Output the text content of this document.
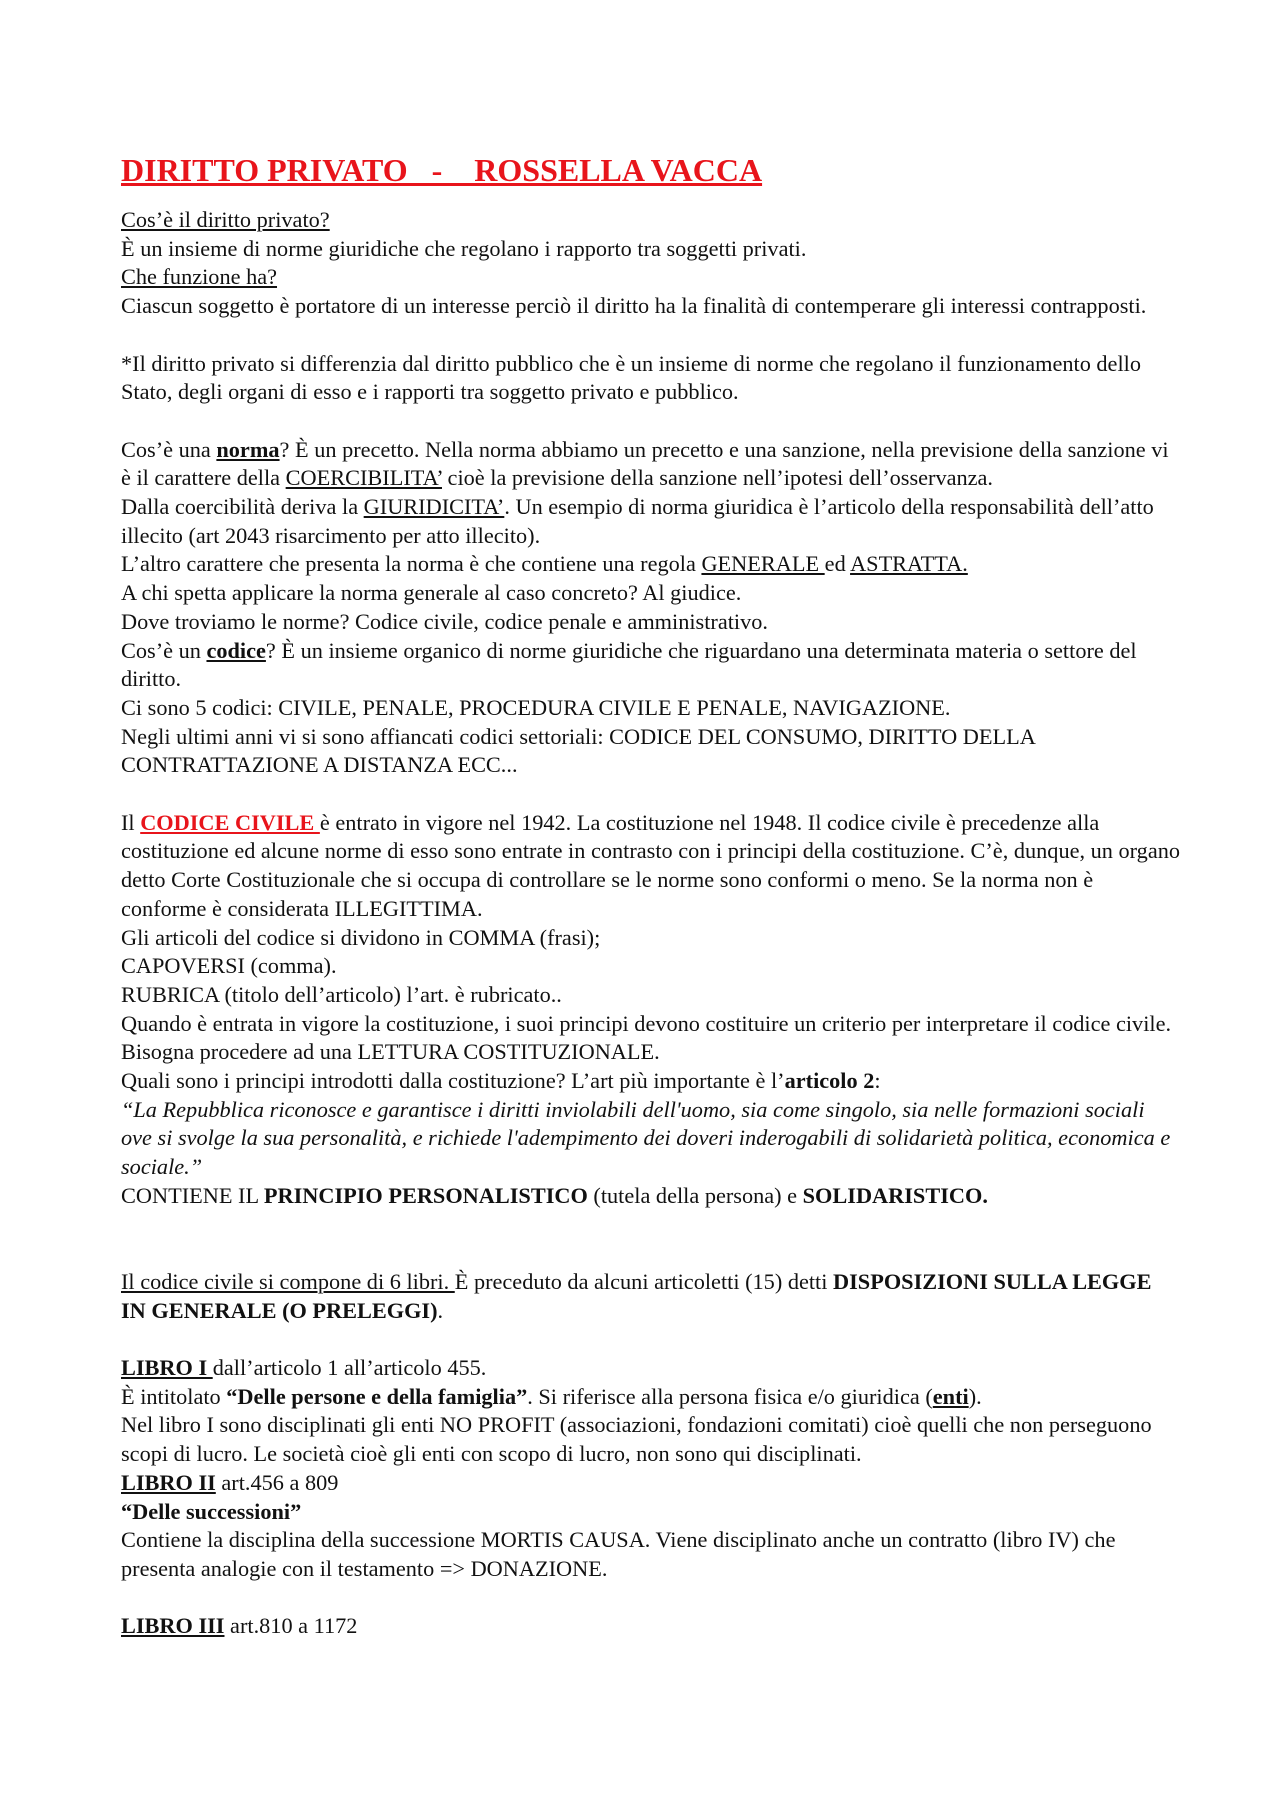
DIRITTO PRIVATO   -    ROSSELLA VACCA
Cos’è il diritto privato?
È un insieme di norme giuridiche che regolano i rapporto tra soggetti privati.
Che funzione ha?
Ciascun soggetto è portatore di un interesse perciò il diritto ha la finalità di contemperare gli interessi contrapposti.
*Il diritto privato si differenzia dal diritto pubblico che è un insieme di norme che regolano il funzionamento dello Stato, degli organi di esso e i rapporti tra soggetto privato e pubblico.
Cos’è una norma? È un precetto. Nella norma abbiamo un precetto e una sanzione, nella previsione della sanzione vi è il carattere della COERCIBILITA’ cioè la previsione della sanzione nell’ipotesi dell’osservanza.
Dalla coercibilità deriva la GIURIDICITA’. Un esempio di norma giuridica è l’articolo della responsabilità dell’atto illecito (art 2043 risarcimento per atto illecito).
L’altro carattere che presenta la norma è che contiene una regola GENERALE ed ASTRATTA.
A chi spetta applicare la norma generale al caso concreto? Al giudice.
Dove troviamo le norme? Codice civile, codice penale e amministrativo.
Cos’è un codice? È un insieme organico di norme giuridiche che riguardano una determinata materia o settore del diritto.
Ci sono 5 codici: CIVILE, PENALE, PROCEDURA CIVILE E PENALE, NAVIGAZIONE.
Negli ultimi anni vi si sono affiancati codici settoriali: CODICE DEL CONSUMO, DIRITTO DELLA CONTRATTAZIONE A DISTANZA ECC...
Il CODICE CIVILE è entrato in vigore nel 1942. La costituzione nel 1948. Il codice civile è precedenze alla costituzione ed alcune norme di esso sono entrate in contrasto con i principi della costituzione. C’è, dunque, un organo detto Corte Costituzionale che si occupa di controllare se le norme sono conformi o meno. Se la norma non è conforme è considerata ILLEGITTIMA.
Gli articoli del codice si dividono in COMMA (frasi);
CAPOVERSI (comma).
RUBRICA (titolo dell’articolo) l’art. è rubricato..
Quando è entrata in vigore la costituzione, i suoi principi devono costituire un criterio per interpretare il codice civile. Bisogna procedere ad una LETTURA COSTITUZIONALE.
Quali sono i principi introdotti dalla costituzione? L’art più importante è l’articolo 2:
“La Repubblica riconosce e garantisce i diritti inviolabili dell'uomo, sia come singolo, sia nelle formazioni sociali ove si svolge la sua personalità, e richiede l'adempimento dei doveri inderogabili di solidarietà politica, economica e sociale.”
CONTIENE IL PRINCIPIO PERSONALISTICO (tutela della persona) e SOLIDARISTICO.
Il codice civile si compone di 6 libri. È preceduto da alcuni articoletti (15) detti DISPOSIZIONI SULLA LEGGE IN GENERALE (O PRELEGGI).
LIBRO I dall’articolo 1 all’articolo 455.
È intitolato “Delle persone e della famiglia”. Si riferisce alla persona fisica e/o giuridica (enti).
Nel libro I sono disciplinati gli enti NO PROFIT (associazioni, fondazioni comitati) cioè quelli che non perseguono scopi di lucro. Le società cioè gli enti con scopo di lucro, non sono qui disciplinati.
LIBRO II art.456 a 809
“Delle successioni”
Contiene la disciplina della successione MORTIS CAUSA. Viene disciplinato anche un contratto (libro IV) che presenta analogie con il testamento => DONAZIONE.
LIBRO III art.810 a 1172
